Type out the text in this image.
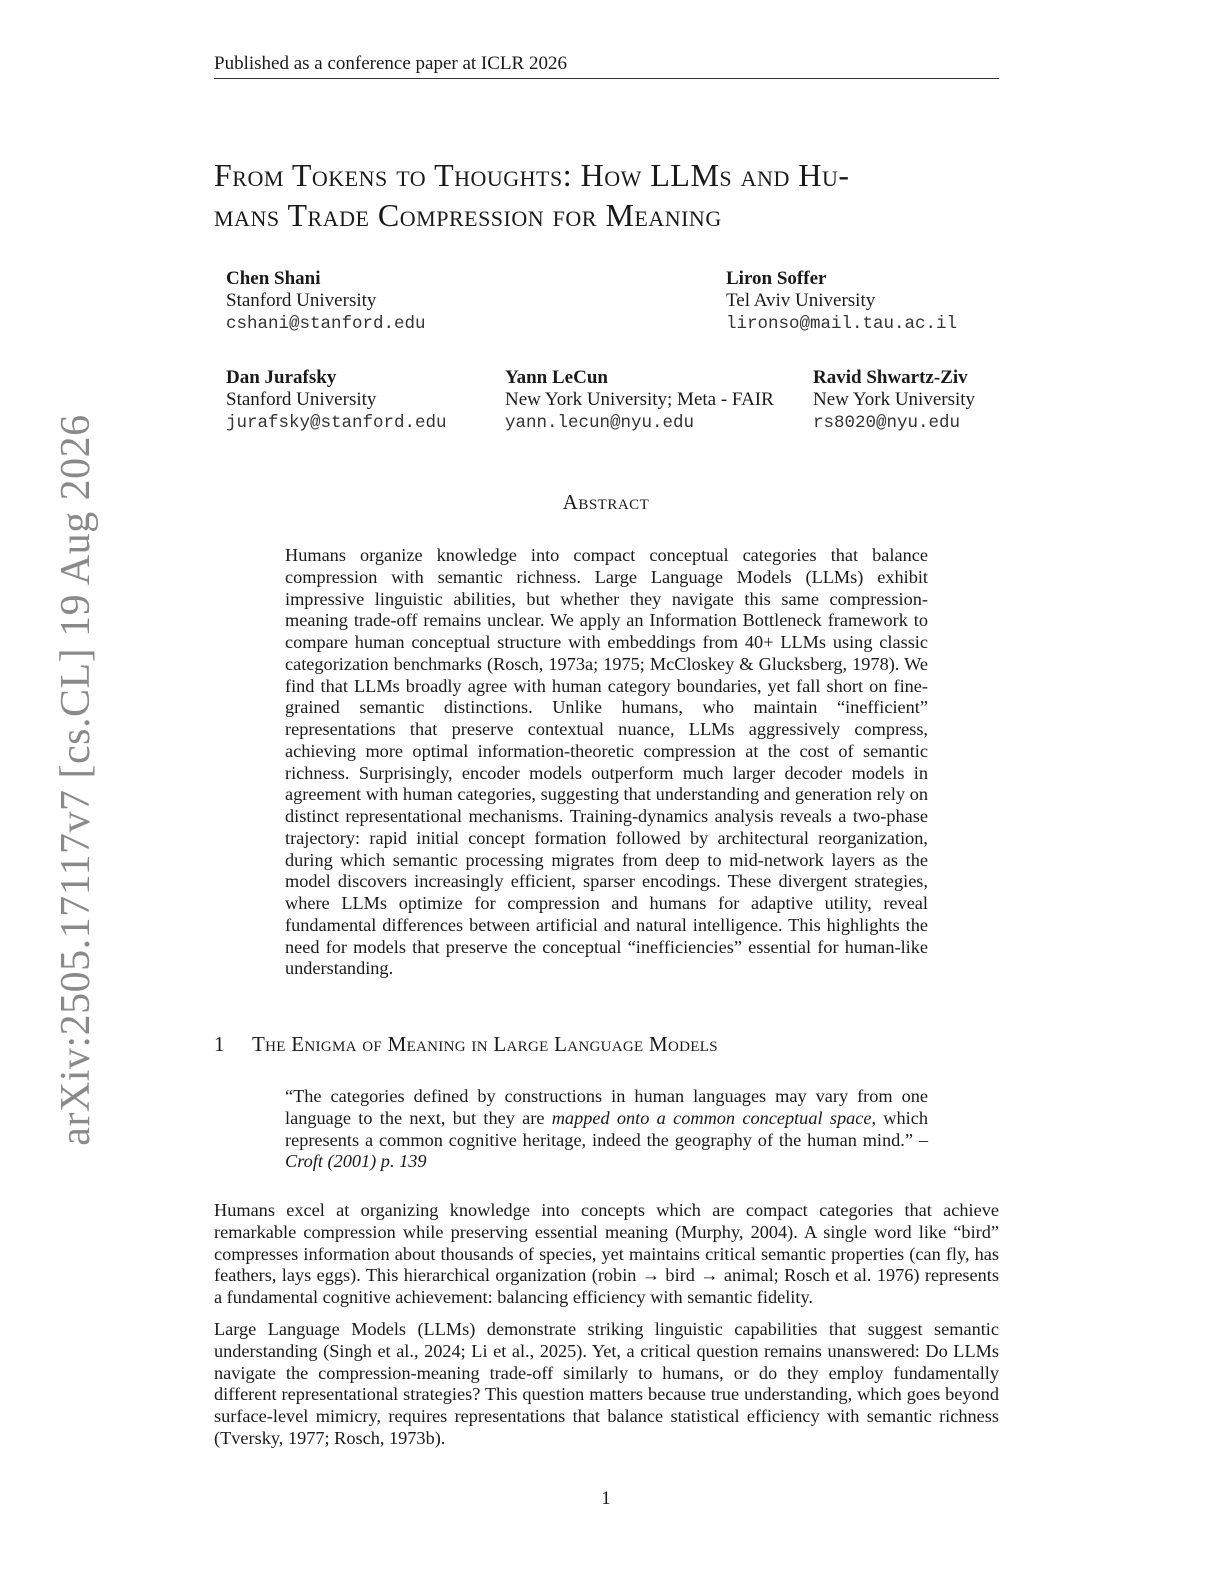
Published as a conference paper at ICLR 2026
arXiv:2505.17117v7 [cs.CL] 19 Aug 2026
From Tokens to Thoughts: How LLMs and Hu-
mans Trade Compression for Meaning
Chen Shani
Stanford University
cshani@stanford.edu
Liron Soffer
Tel Aviv University
lironso@mail.tau.ac.il
Dan Jurafsky
Stanford University
jurafsky@stanford.edu
Yann LeCun
New York University; Meta - FAIR
yann.lecun@nyu.edu
Ravid Shwartz-Ziv
New York University
rs8020@nyu.edu
Abstract
Humans organize knowledge into compact conceptual categories that balance compression with semantic richness. Large Language Models (LLMs) exhibit impressive linguistic abilities, but whether they navigate this same compression-meaning trade-off remains unclear. We apply an Information Bottleneck framework to compare human conceptual structure with embeddings from 40+ LLMs using classic categorization benchmarks (Rosch, 1973a; 1975; McCloskey & Glucksberg, 1978). We find that LLMs broadly agree with human category boundaries, yet fall short on fine-grained semantic distinctions. Unlike humans, who maintain “inefficient” representations that preserve contextual nuance, LLMs aggressively compress, achieving more optimal information-theoretic compression at the cost of semantic richness. Surprisingly, encoder models outperform much larger decoder models in agreement with human categories, suggesting that understanding and generation rely on distinct representational mechanisms. Training-dynamics analysis reveals a two-phase trajectory: rapid initial concept formation followed by architectural reorganization, during which semantic processing migrates from deep to mid-network layers as the model discovers increasingly efficient, sparser encodings. These divergent strategies, where LLMs optimize for compression and humans for adaptive utility, reveal fundamental differences between artificial and natural intelligence. This highlights the need for models that preserve the conceptual “inefficiencies” essential for human-like understanding.
1 The Enigma of Meaning in Large Language Models
“The categories defined by constructions in human languages may vary from one language to the next, but they are mapped onto a common conceptual space, which represents a common cognitive heritage, indeed the geography of the human mind.” –Croft (2001) p. 139
Humans excel at organizing knowledge into concepts which are compact categories that achieve remarkable compression while preserving essential meaning (Murphy, 2004). A single word like “bird” compresses information about thousands of species, yet maintains critical semantic properties (can fly, has feathers, lays eggs). This hierarchical organization (robin → bird → animal; Rosch et al. 1976) represents a fundamental cognitive achievement: balancing efficiency with semantic fidelity.
Large Language Models (LLMs) demonstrate striking linguistic capabilities that suggest semantic understanding (Singh et al., 2024; Li et al., 2025). Yet, a critical question remains unanswered: Do LLMs navigate the compression-meaning trade-off similarly to humans, or do they employ fundamentally different representational strategies? This question matters because true understanding, which goes beyond surface-level mimicry, requires representations that balance statistical efficiency with semantic richness (Tversky, 1977; Rosch, 1973b).
1
